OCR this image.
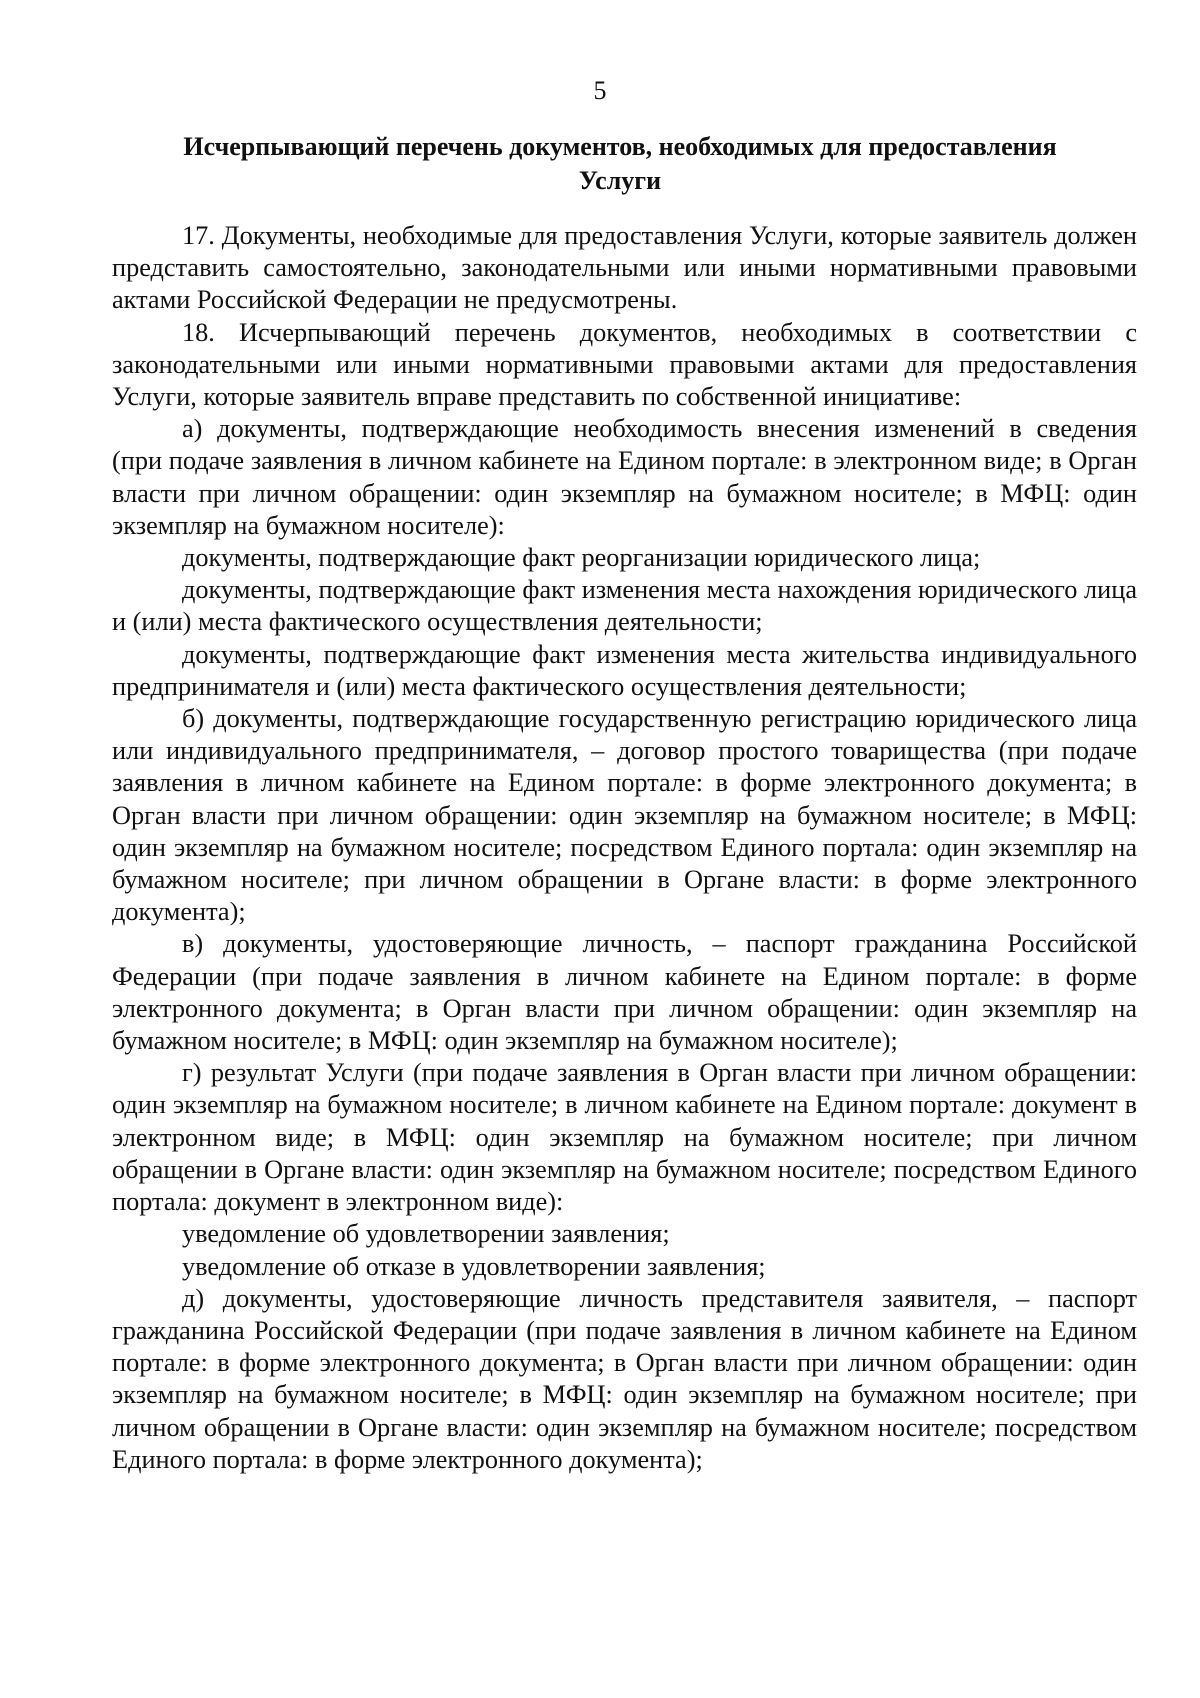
5
Исчерпывающий перечень документов, необходимых для предоставления Услуги

17. Документы, необходимые для предоставления Услуги, которые заявитель должен представить самостоятельно, законодательными или иными нормативными правовыми актами Российской Федерации не предусмотрены.

18. Исчерпывающий перечень документов, необходимых в соответствии с законодательными или иными нормативными правовыми актами для предоставления Услуги, которые заявитель вправе представить по собственной инициативе:

а) документы, подтверждающие необходимость внесения изменений в сведения (при подаче заявления в личном кабинете на Едином портале: в электронном виде; в Орган власти при личном обращении: один экземпляр на бумажном носителе; в МФЦ: один экземпляр на бумажном носителе):

документы, подтверждающие факт реорганизации юридического лица;

документы, подтверждающие факт изменения места нахождения юридического лица и (или) места фактического осуществления деятельности;

документы, подтверждающие факт изменения места жительства индивидуального предпринимателя и (или) места фактического осуществления деятельности;

б) документы, подтверждающие государственную регистрацию юридического лица или индивидуального предпринимателя, – договор простого товарищества (при подаче заявления в личном кабинете на Едином портале: в форме электронного документа; в Орган власти при личном обращении: один экземпляр на бумажном носителе; в МФЦ: один экземпляр на бумажном носителе; посредством Единого портала: один экземпляр на бумажном носителе; при личном обращении в Органе власти: в форме электронного документа);

в) документы, удостоверяющие личность, – паспорт гражданина Российской Федерации (при подаче заявления в личном кабинете на Едином портале: в форме электронного документа; в Орган власти при личном обращении: один экземпляр на бумажном носителе; в МФЦ: один экземпляр на бумажном носителе);

г) результат Услуги (при подаче заявления в Орган власти при личном обращении: один экземпляр на бумажном носителе; в личном кабинете на Едином портале: документ в электронном виде; в МФЦ: один экземпляр на бумажном носителе; при личном обращении в Органе власти: один экземпляр на бумажном носителе; посредством Единого портала: документ в электронном виде):

уведомление об удовлетворении заявления;

уведомление об отказе в удовлетворении заявления;

д) документы, удостоверяющие личность представителя заявителя, – паспорт гражданина Российской Федерации (при подаче заявления в личном кабинете на Едином портале: в форме электронного документа; в Орган власти при личном обращении: один экземпляр на бумажном носителе; в МФЦ: один экземпляр на бумажном носителе; при личном обращении в Органе власти: один экземпляр на бумажном носителе; посредством Единого портала: в форме электронного документа);
